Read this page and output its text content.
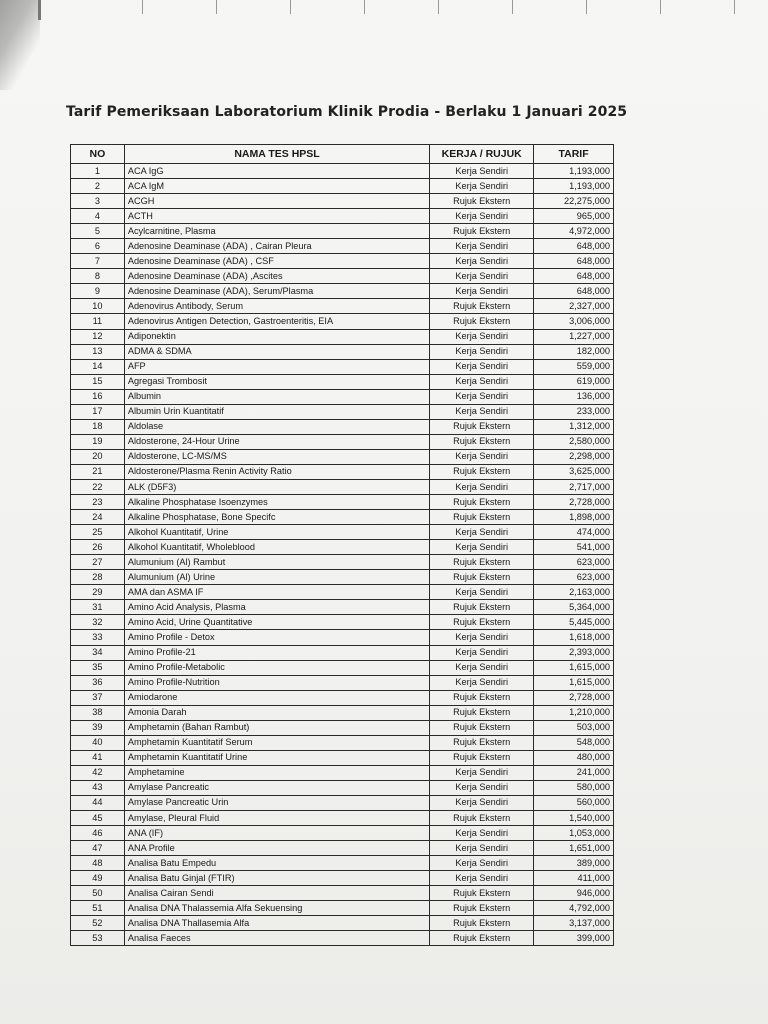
Tarif Pemeriksaan Laboratorium Klinik Prodia - Berlaku 1 Januari 2025
NO	NAMA TES HPSL	KERJA / RUJUK	TARIF
1	ACA IgG	Kerja Sendiri	1,193,000
2	ACA IgM	Kerja Sendiri	1,193,000
3	ACGH	Rujuk Ekstern	22,275,000
4	ACTH	Kerja Sendiri	965,000
5	Acylcarnitine, Plasma	Rujuk Ekstern	4,972,000
6	Adenosine Deaminase (ADA) , Cairan Pleura	Kerja Sendiri	648,000
7	Adenosine Deaminase (ADA) , CSF	Kerja Sendiri	648,000
8	Adenosine Deaminase (ADA) ,Ascites	Kerja Sendiri	648,000
9	Adenosine Deaminase (ADA), Serum/Plasma	Kerja Sendiri	648,000
10	Adenovirus Antibody, Serum	Rujuk Ekstern	2,327,000
11	Adenovirus Antigen Detection, Gastroenteritis, EIA	Rujuk Ekstern	3,006,000
12	Adiponektin	Kerja Sendiri	1,227,000
13	ADMA & SDMA	Kerja Sendiri	182,000
14	AFP	Kerja Sendiri	559,000
15	Agregasi Trombosit	Kerja Sendiri	619,000
16	Albumin	Kerja Sendiri	136,000
17	Albumin Urin Kuantitatif	Kerja Sendiri	233,000
18	Aldolase	Rujuk Ekstern	1,312,000
19	Aldosterone, 24-Hour Urine	Rujuk Ekstern	2,580,000
20	Aldosterone, LC-MS/MS	Kerja Sendiri	2,298,000
21	Aldosterone/Plasma Renin Activity Ratio	Rujuk Ekstern	3,625,000
22	ALK (D5F3)	Kerja Sendiri	2,717,000
23	Alkaline Phosphatase Isoenzymes	Rujuk Ekstern	2,728,000
24	Alkaline Phosphatase, Bone Specifc	Rujuk Ekstern	1,898,000
25	Alkohol Kuantitatif, Urine	Kerja Sendiri	474,000
26	Alkohol Kuantitatif, Wholeblood	Kerja Sendiri	541,000
27	Alumunium (Al) Rambut	Rujuk Ekstern	623,000
28	Alumunium (Al) Urine	Rujuk Ekstern	623,000
29	AMA dan ASMA IF	Kerja Sendiri	2,163,000
31	Amino Acid Analysis, Plasma	Rujuk Ekstern	5,364,000
32	Amino Acid, Urine Quantitative	Rujuk Ekstern	5,445,000
33	Amino Profile - Detox	Kerja Sendiri	1,618,000
34	Amino Profile-21	Kerja Sendiri	2,393,000
35	Amino Profile-Metabolic	Kerja Sendiri	1,615,000
36	Amino Profile-Nutrition	Kerja Sendiri	1,615,000
37	Amiodarone	Rujuk Ekstern	2,728,000
38	Amonia Darah	Rujuk Ekstern	1,210,000
39	Amphetamin (Bahan Rambut)	Rujuk Ekstern	503,000
40	Amphetamin Kuantitatif Serum	Rujuk Ekstern	548,000
41	Amphetamin Kuantitatif Urine	Rujuk Ekstern	480,000
42	Amphetamine	Kerja Sendiri	241,000
43	Amylase Pancreatic	Kerja Sendiri	580,000
44	Amylase Pancreatic Urin	Kerja Sendiri	560,000
45	Amylase, Pleural Fluid	Rujuk Ekstern	1,540,000
46	ANA (IF)	Kerja Sendiri	1,053,000
47	ANA Profile	Kerja Sendiri	1,651,000
48	Analisa Batu Empedu	Kerja Sendiri	389,000
49	Analisa Batu Ginjal (FTIR)	Kerja Sendiri	411,000
50	Analisa Cairan Sendi	Rujuk Ekstern	946,000
51	Analisa DNA Thalassemia Alfa Sekuensing	Rujuk Ekstern	4,792,000
52	Analisa DNA Thallasemia Alfa	Rujuk Ekstern	3,137,000
53	Analisa Faeces	Rujuk Ekstern	399,000
